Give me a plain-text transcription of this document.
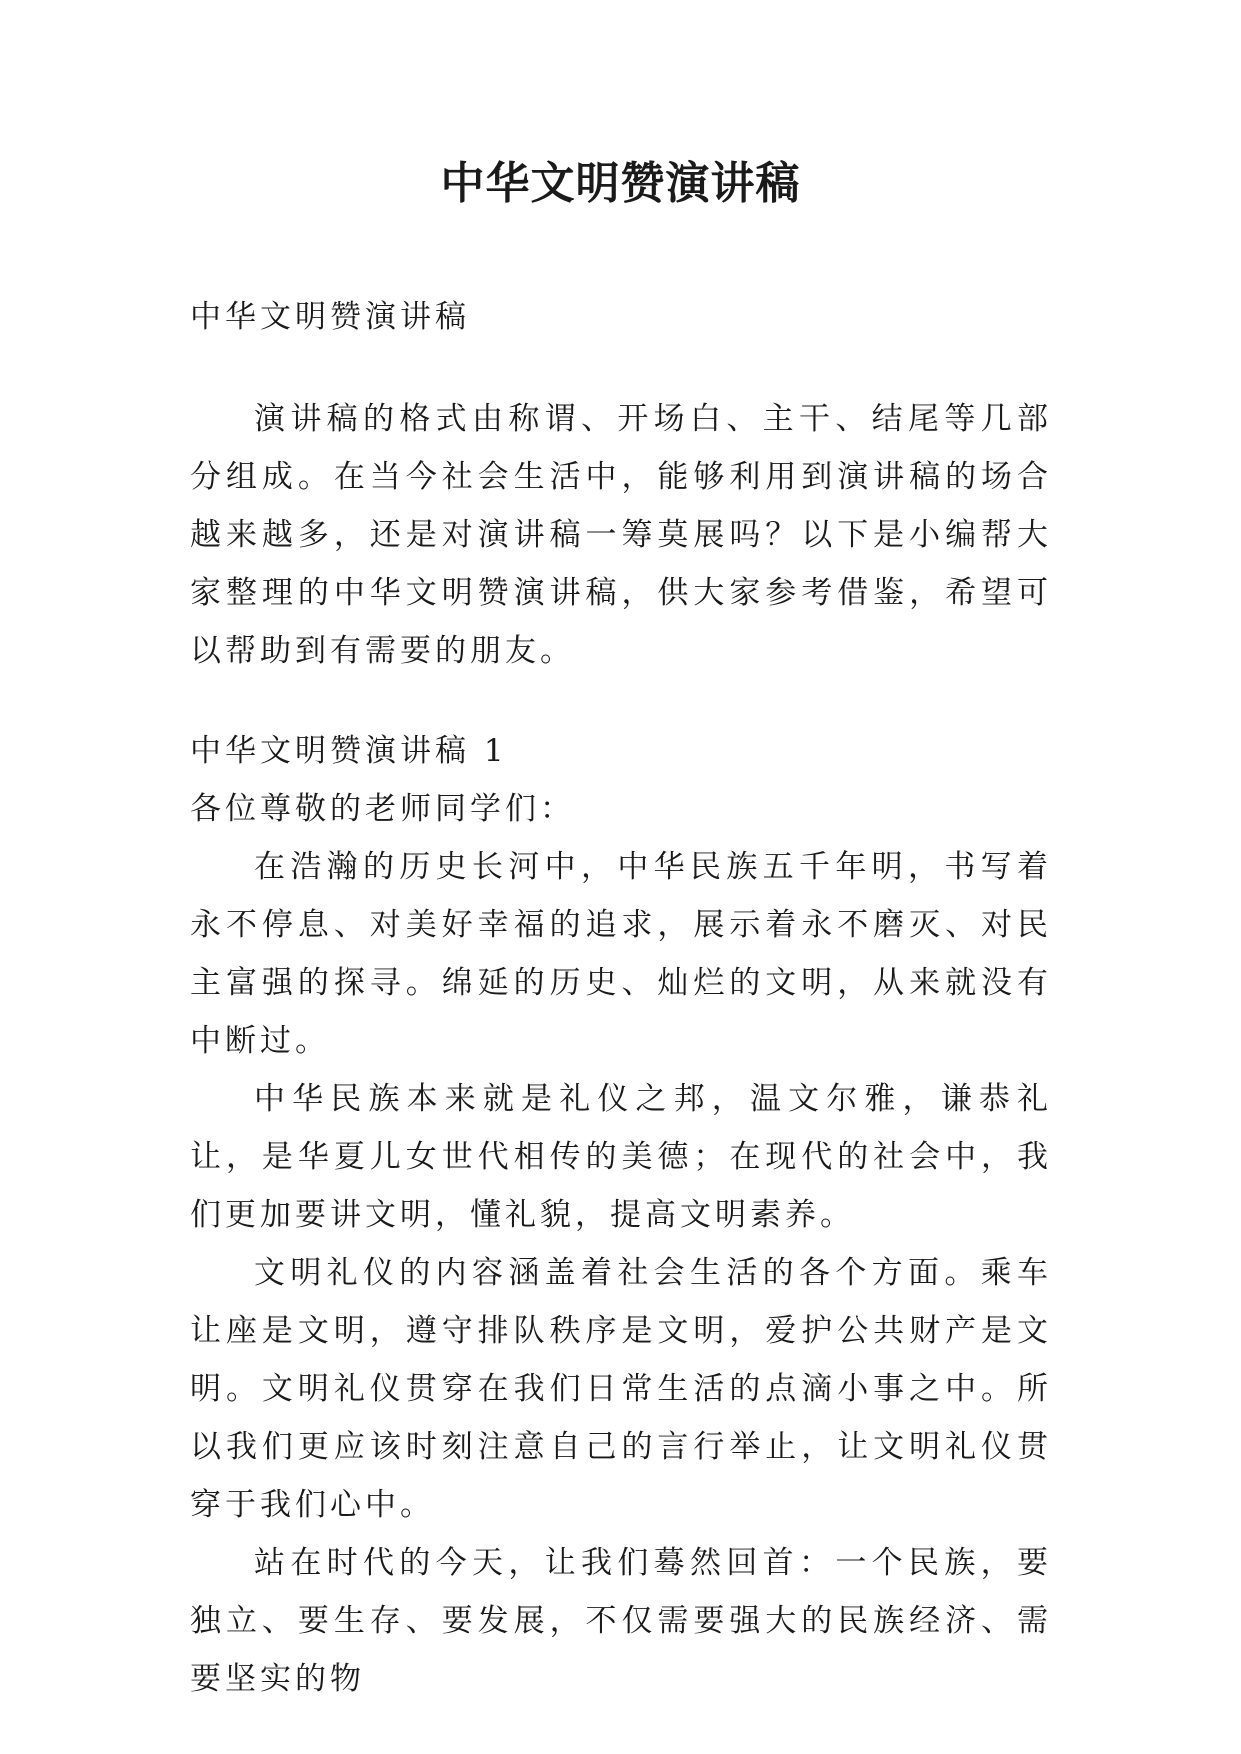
中华文明赞演讲稿
中华文明赞演讲稿

演讲稿的格式由称谓、开场白、主干、结尾等几部分组成。在当今社会生活中，能够利用到演讲稿的场合越来越多，还是对演讲稿一筹莫展吗？以下是小编帮大家整理的中华文明赞演讲稿，供大家参考借鉴，希望可以帮助到有需要的朋友。

中华文明赞演讲稿 1
各位尊敬的老师同学们：

在浩瀚的历史长河中，中华民族五千年明，书写着永不停息、对美好幸福的追求，展示着永不磨灭、对民主富强的探寻。绵延的历史、灿烂的文明，从来就没有中断过。

中华民族本来就是礼仪之邦，温文尔雅，谦恭礼让，是华夏儿女世代相传的美德；在现代的社会中，我们更加要讲文明，懂礼貌，提高文明素养。

文明礼仪的内容涵盖着社会生活的各个方面。乘车让座是文明，遵守排队秩序是文明，爱护公共财产是文明。文明礼仪贯穿在我们日常生活的点滴小事之中。所以我们更应该时刻注意自己的言行举止，让文明礼仪贯穿于我们心中。

站在时代的今天，让我们蓦然回首：一个民族，要独立、要生存、要发展，不仅需要强大的民族经济、需要坚实的物
